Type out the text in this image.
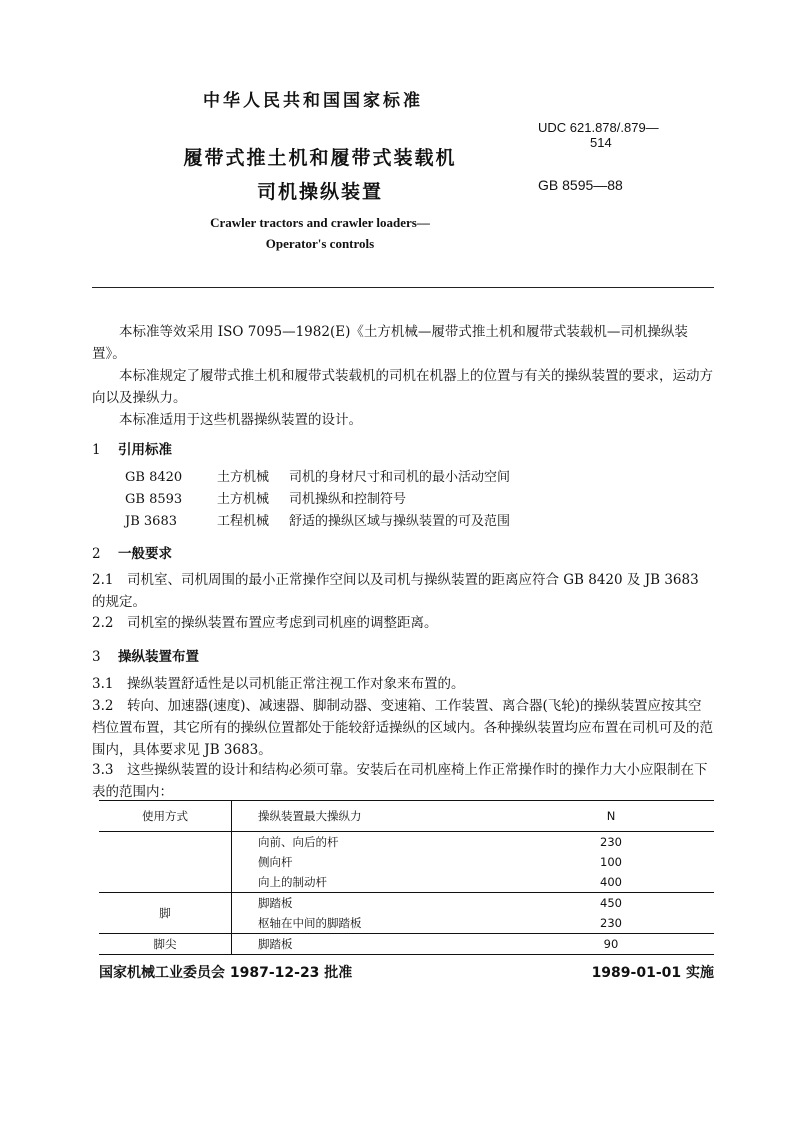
中华人民共和国国家标准
履带式推土机和履带式装载机
司机操纵装置
Crawler tractors and crawler loaders—
Operator's controls
UDC 621.878/.879—
514
GB 8595—88
本标准等效采用 ISO 7095—1982(E)《土方机械—履带式推土机和履带式装载机—司机操纵装置》。
本标准规定了履带式推土机和履带式装载机的司机在机器上的位置与有关的操纵装置的要求，运动方向以及操纵力。
本标准适用于这些机器操纵装置的设计。
1 引用标准
GB 8420	土方机械 司机的身材尺寸和司机的最小活动空间
GB 8593	土方机械 司机操纵和控制符号
JB 3683	工程机械 舒适的操纵区域与操纵装置的可及范围
2 一般要求
2.1　司机室、司机周围的最小正常操作空间以及司机与操纵装置的距离应符合 GB 8420 及 JB 3683 的规定。
2.2　司机室的操纵装置布置应考虑到司机座的调整距离。
3 操纵装置布置
3.1　操纵装置舒适性是以司机能正常注视工作对象来布置的。
3.2　转向、加速器(速度)、减速器、脚制动器、变速箱、工作装置、离合器(飞轮)的操纵装置应按其空档位置布置，其它所有的操纵位置都处于能较舒适操纵的区域内。各种操纵装置均应布置在司机可及的范围内，具体要求见 JB 3683。
3.3　这些操纵装置的设计和结构必须可靠。安装后在司机座椅上作正常操作时的操作力大小应限制在下表的范围内：
使用方式	操纵装置最大操纵力	N
	向前、向后的杆	230
	侧向杆	100
	向上的制动杆	400
脚	脚踏板	450
	枢轴在中间的脚踏板	230
脚尖	脚踏板	90
国家机械工业委员会 1987-12-23 批准	1989-01-01 实施
